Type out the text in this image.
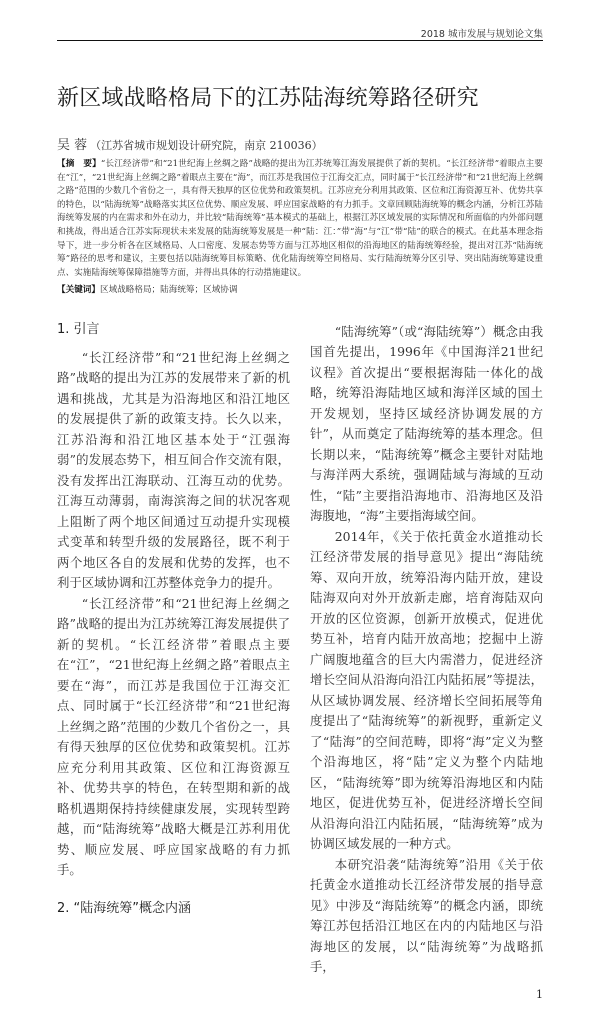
2018 城市发展与规划论文集
新区域战略格局下的江苏陆海统筹路径研究
吴 蓉 （江苏省城市规划设计研究院，南京 210036）
【摘　要】“长江经济带”和“21世纪海上丝绸之路”战略的提出为江苏统筹江海发展提供了新的契机。“长江经济带”着眼点主要在“江”，“21世纪海上丝绸之路”着眼点主要在“海”，而江苏是我国位于江海交汇点，同时属于“长江经济带”和“21世纪海上丝绸之路”范围的少数几个省份之一，具有得天独厚的区位优势和政策契机。江苏应充分利用其政策、区位和江海资源互补、优势共享的特色，以“陆海统筹”战略落实其区位优势、顺应发展、呼应国家战略的有力抓手。文章回顾陆海统筹的概念内涵，分析江苏陆海统筹发展的内在需求和外在动力，并比较“陆海统筹”基本模式的基础上，根据江苏区域发展的实际情况和所面临的内外部问题和挑战，得出适合江苏实际现状未来发展的陆海统筹发展是一种“陆：江：”带“海”与“江”带“陆”的联合的模式。在此基本理念指导下，进一步分析各在区域格局、人口密度、发展态势等方面与江苏地区相似的沿海地区的陆海统筹经验，提出对江苏“陆海统筹”路径的思考和建议，主要包括以陆海统筹目标策略、优化陆海统筹空间格局、实行陆海统筹分区引导、突出陆海统筹建设重点、实施陆海统筹保障措施等方面，并得出具体的行动措施建议。
【关键词】区域战略格局；陆海统筹；区域协调
1. 引言

“长江经济带”和“21世纪海上丝绸之路”战略的提出为江苏的发展带来了新的机遇和挑战，尤其是为沿海地区和沿江地区的发展提供了新的政策支持。长久以来，江苏沿海和沿江地区基本处于“江强海弱”的发展态势下，相互间合作交流有限，没有发挥出江海联动、江海互动的优势。江海互动薄弱，南海滨海之间的状况客观上阻断了两个地区间通过互动提升实现模式变革和转型升级的发展路径，既不利于两个地区各自的发展和优势的发挥，也不利于区域协调和江苏整体竞争力的提升。

“长江经济带”和“21世纪海上丝绸之路”战略的提出为江苏统筹江海发展提供了新的契机。“长江经济带”着眼点主要在“江”，“21世纪海上丝绸之路”着眼点主要在“海”，而江苏是我国位于江海交汇点、同时属于“长江经济带”和“21世纪海上丝绸之路”范围的少数几个省份之一，具有得天独厚的区位优势和政策契机。江苏应充分利用其政策、区位和江海资源互补、优势共享的特色，在转型期和新的战略机遇期保持持续健康发展，实现转型跨越，而“陆海统筹”战略大概是江苏利用优势、顺应发展、呼应国家战略的有力抓手。

2. “陆海统筹”概念内涵

“陆海统筹”（或“海陆统筹”）概念由我国首先提出，1996年《中国海洋21世纪议程》首次提出“要根据海陆一体化的战略，统筹沿海陆地区域和海洋区域的国土开发规划，坚持区域经济协调发展的方针”，从而奠定了陆海统筹的基本理念。但长期以来，“陆海统筹”概念主要针对陆地与海洋两大系统，强调陆域与海域的互动性，“陆”主要指沿海地市、沿海地区及沿海腹地，“海”主要指海域空间。

2014年，《关于依托黄金水道推动长江经济带发展的指导意见》提出“海陆统筹、双向开放，统筹沿海内陆开放，建设陆海双向对外开放新走廊，培育海陆双向开放的区位资源，创新开放模式，促进优势互补，培育内陆开放高地；挖掘中上游广阔腹地蕴含的巨大内需潜力，促进经济增长空间从沿海向沿江内陆拓展”等提法，从区域协调发展、经济增长空间拓展等角度提出了“陆海统筹”的新视野，重新定义了“陆海”的空间范畴，即将“海”定义为整个沿海地区，将“陆”定义为整个内陆地区，“陆海统筹”即为统筹沿海地区和内陆地区，促进优势互补，促进经济增长空间从沿海向沿江内陆拓展，“陆海统筹”成为协调区域发展的一种方式。

本研究沿袭“陆海统筹”沿用《关于依托黄金水道推动长江经济带发展的指导意见》中涉及“海陆统筹”的概念内涵，即统筹江苏包括沿江地区在内的内陆地区与沿海地区的发展，以“陆海统筹”为战略抓手，

1
